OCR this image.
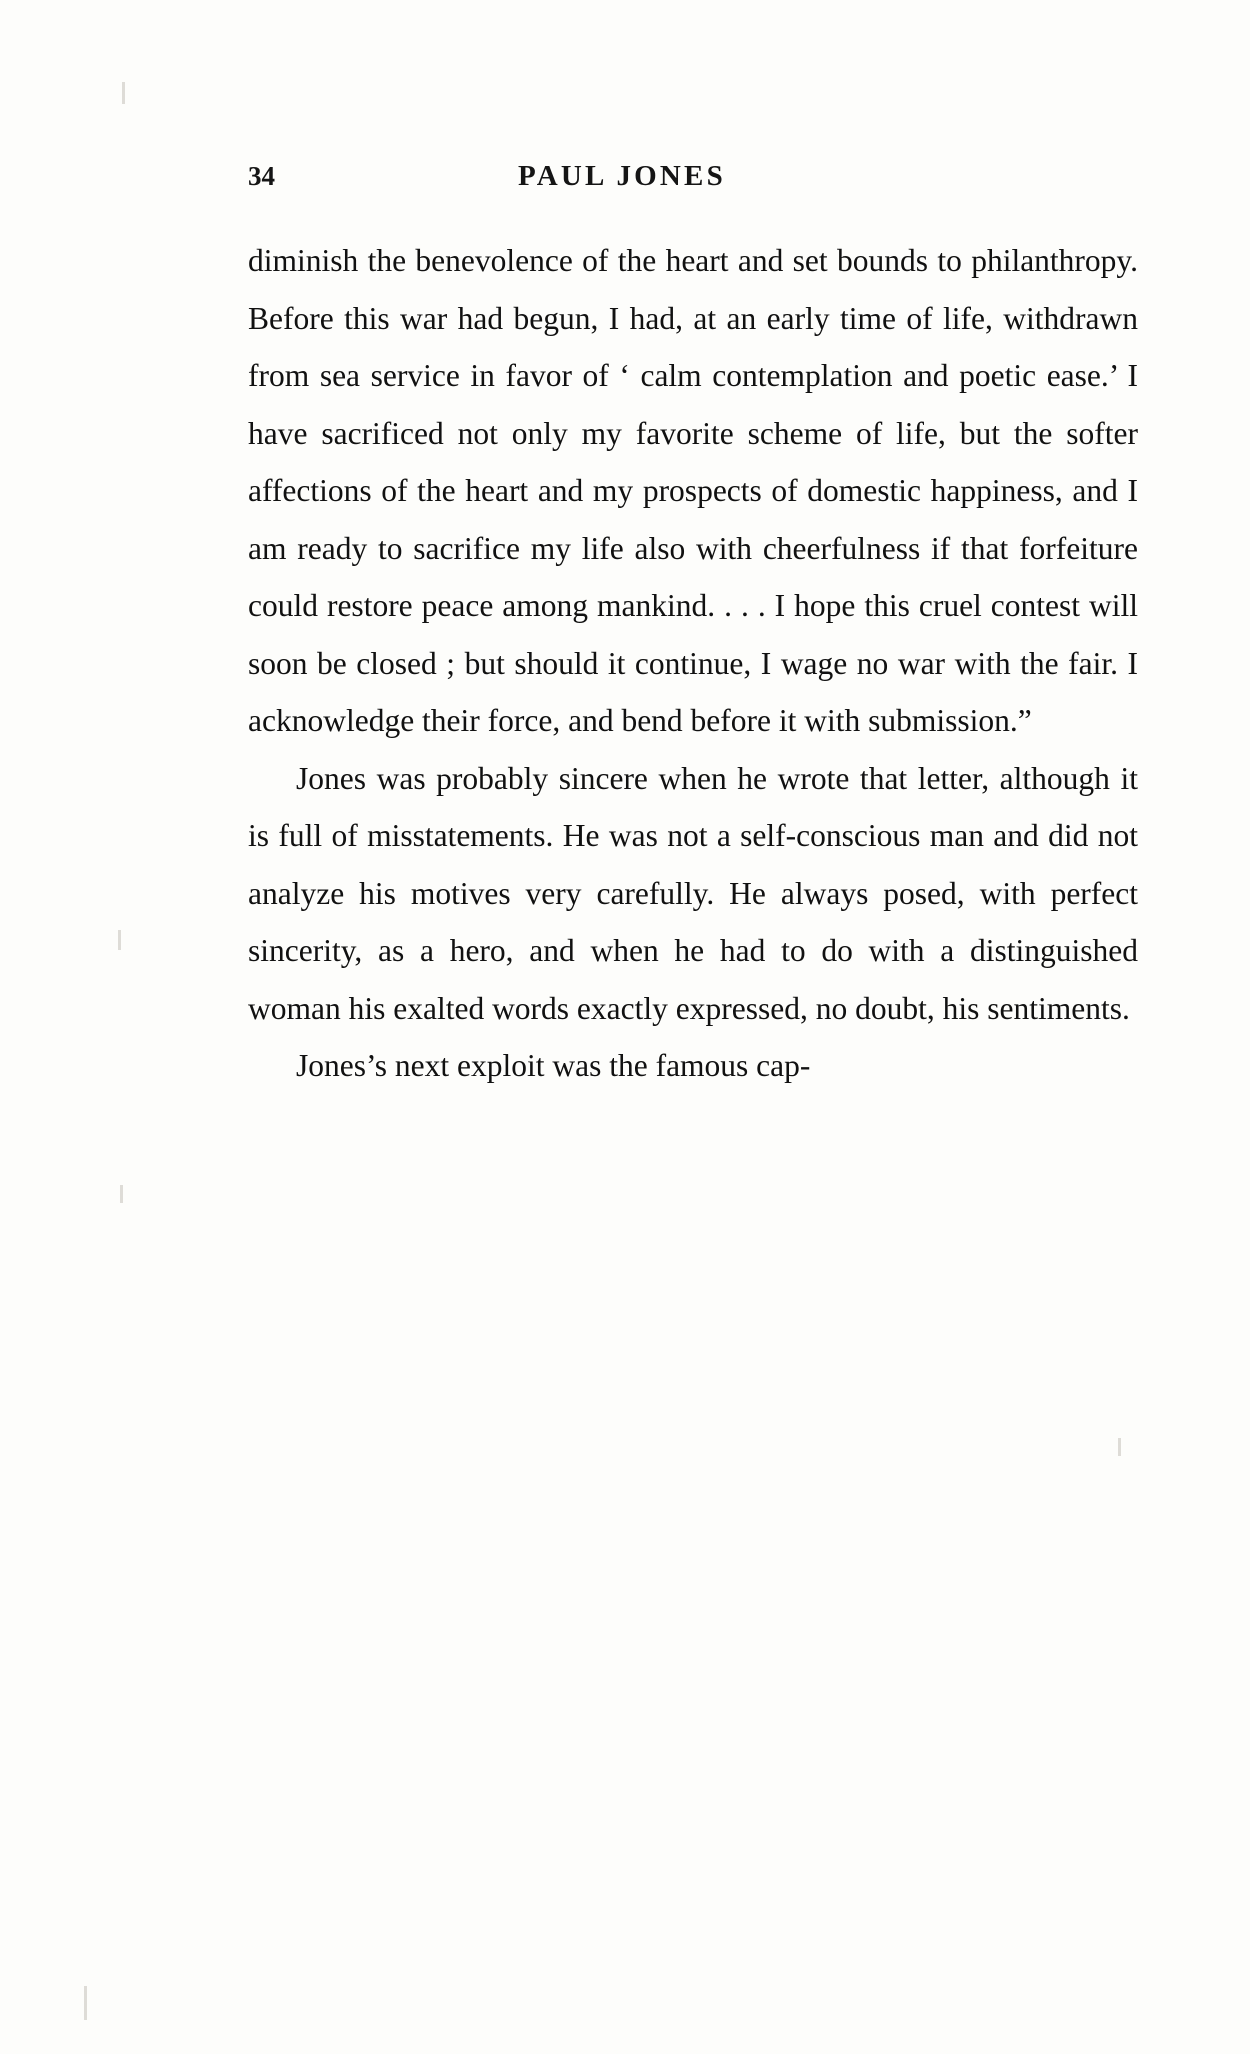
34	PAUL JONES

diminish the benevolence of the heart and set bounds to philanthropy. Before this war had begun, I had, at an early time of life, withdrawn from sea service in favor of ‘ calm contemplation and poetic ease.’ I have sacrificed not only my favorite scheme of life, but the softer affections of the heart and my prospects of domestic happiness, and I am ready to sacrifice my life also with cheerfulness if that forfeiture could restore peace among mankind. . . . I hope this cruel contest will soon be closed ; but should it continue, I wage no war with the fair. I acknowledge their force, and bend before it with submission.”

Jones was probably sincere when he wrote that letter, although it is full of misstatements. He was not a self-conscious man and did not analyze his motives very carefully. He always posed, with perfect sincerity, as a hero, and when he had to do with a distinguished woman his exalted words exactly expressed, no doubt, his sentiments.

Jones’s next exploit was the famous cap-
